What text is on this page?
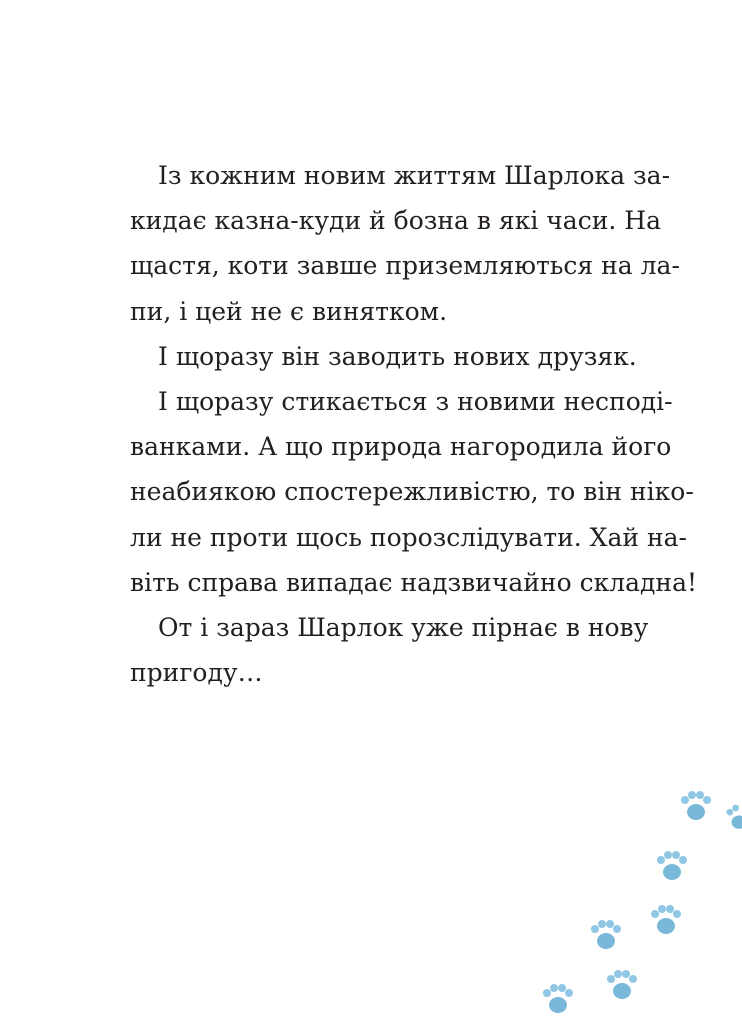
Із кожним новим життям Шарлока за-
кидає казна-куди й бозна в які часи. На
щастя, коти завше приземляються на ла-
пи, і цей не є винятком.
І щоразу він заводить нових друзяк.
І щоразу стикається з новими несподі-
ванками. А що природа нагородила його
неабиякою спостережливістю, то він ніко-
ли не проти щось порозслідувати. Хай на-
віть справа випадає надзвичайно складна!
От і зараз Шарлок уже пірнає в нову
пригоду…
